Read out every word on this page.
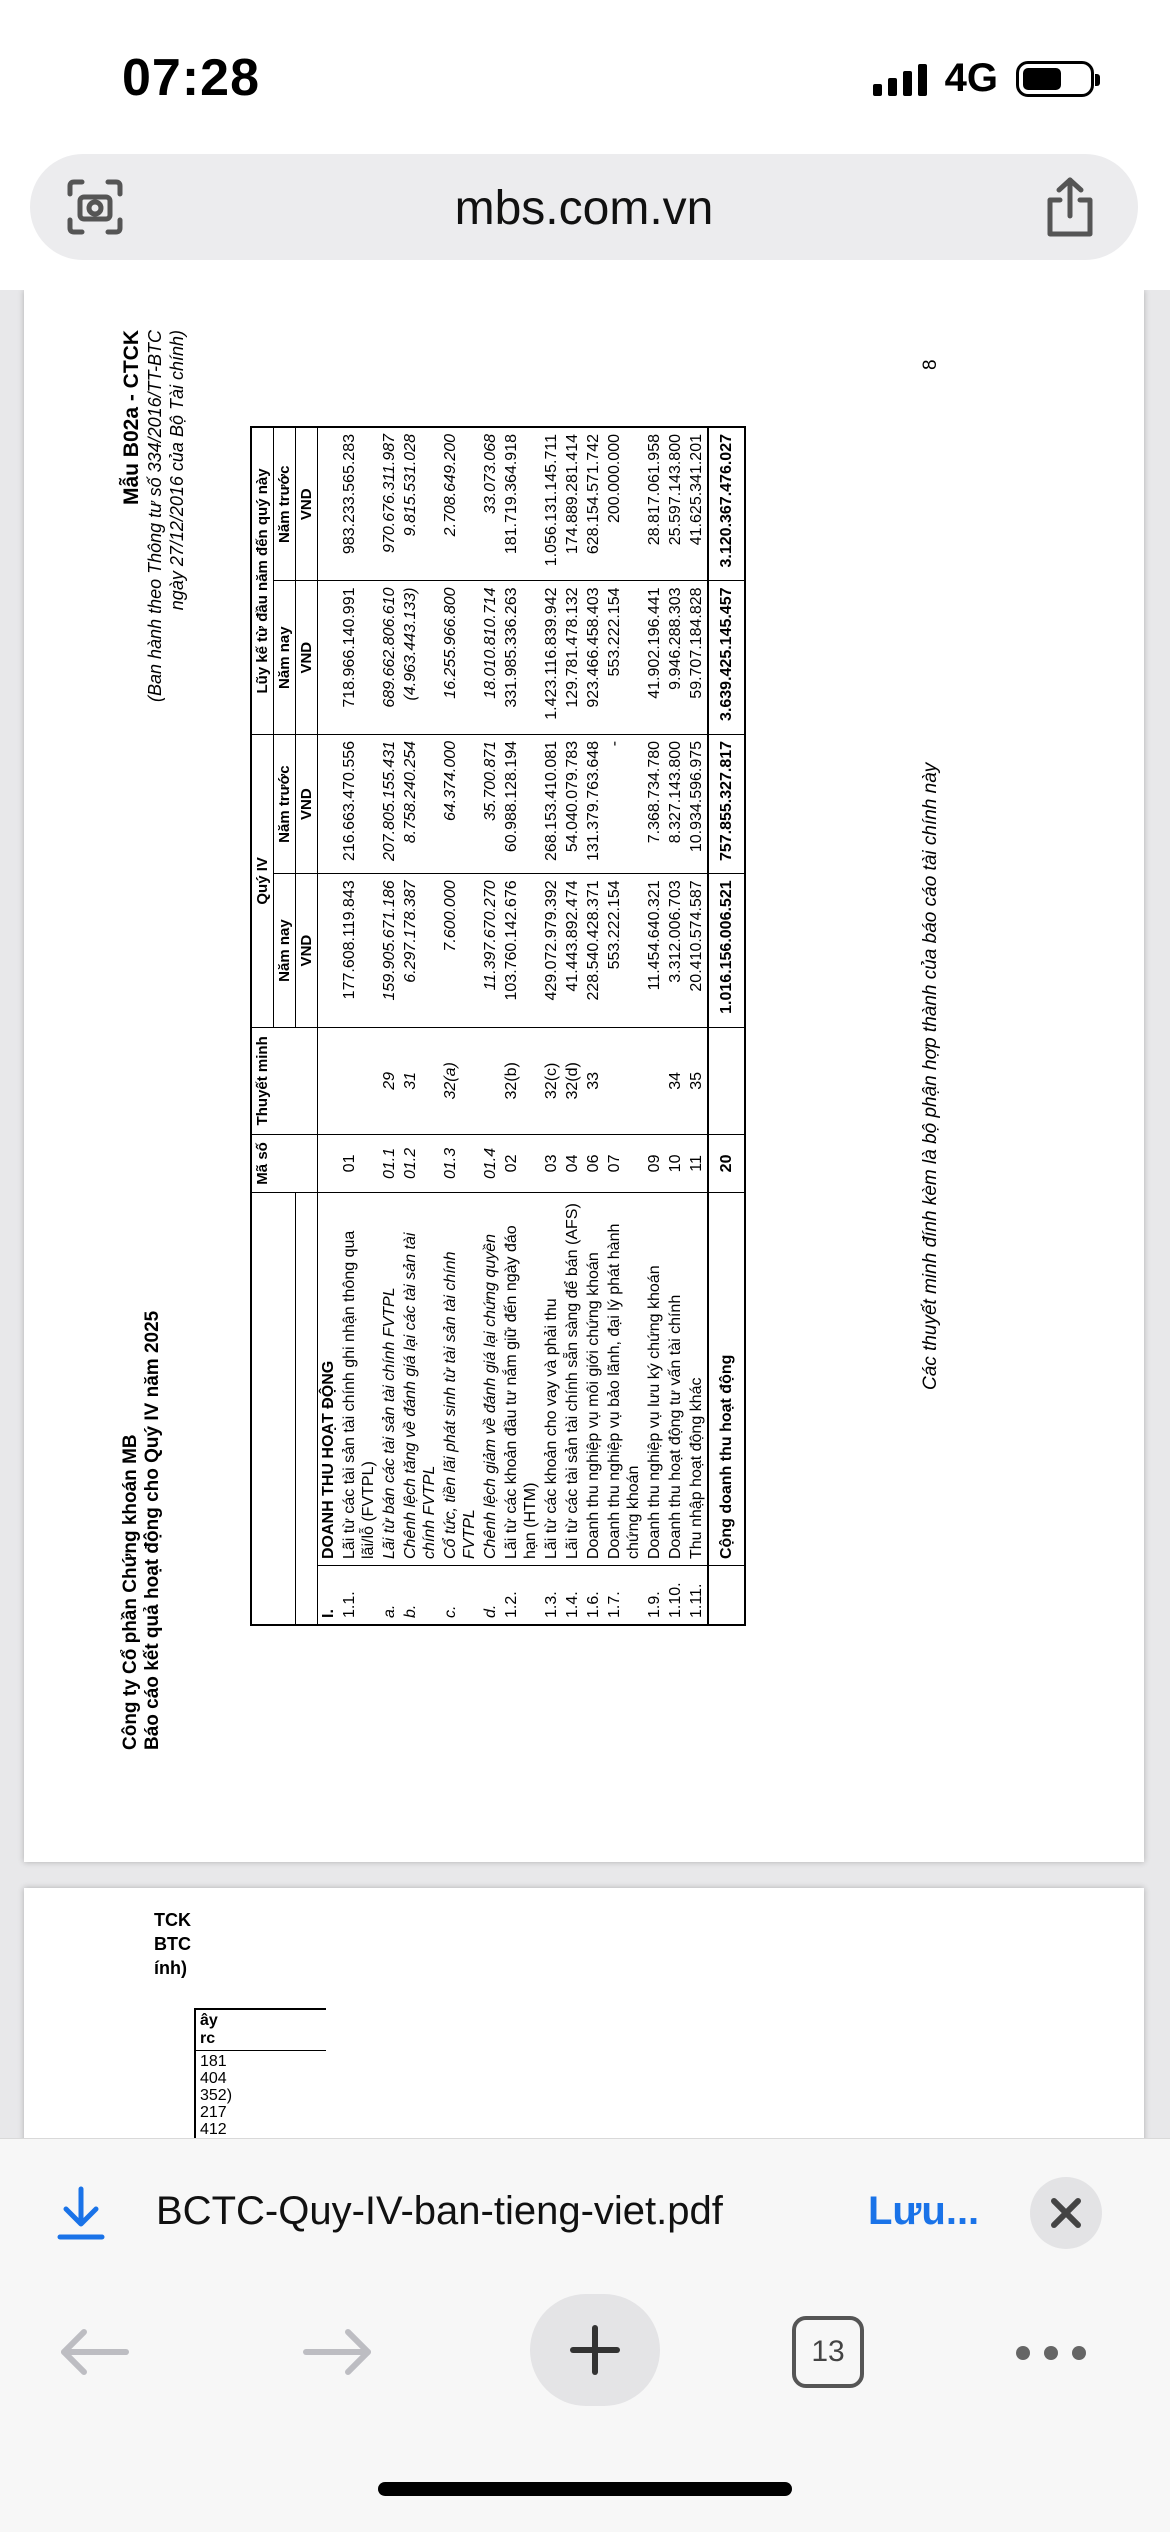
07:28	4G
mbs.com.vn
Công ty Cổ phần Chứng khoán MB Báo cáo kết quả hoạt động cho Quý IV năm 2025
Mẫu B02a - CTCK (Ban hành theo Thông tư số 334/2016/TT-BTC ngày 27/12/2016 của Bộ Tài chính)
		Mã số	Thuyết minh	Quý IV		Lũy kế từ đầu năm đến quý này	
				Năm nay	Năm trước	Năm nay	Năm trước
				VND	VND	VND	VND
I.	DOANH THU HOẠT ĐỘNG						
1.1.	Lãi từ các tài sản tài chính ghi nhận thông qua lãi/lỗ (FVTPL)	01		177.608.119.843	216.663.470.556	718.966.140.991	983.233.565.283
a.	Lãi từ bán các tài sản tài chính FVTPL	01.1	29	159.905.671.186	207.805.155.431	689.662.806.610	970.676.311.987
b.	Chênh lệch tăng về đánh giá lại các tài sản tài chính FVTPL	01.2	31	6.297.178.387	8.758.240.254	(4.963.443.133)	9.815.531.028
c.	Cổ tức, tiền lãi phát sinh từ tài sản tài chính FVTPL	01.3	32(a)	7.600.000	64.374.000	16.255.966.800	2.708.649.200
d.	Chênh lệch giảm về đánh giá lại chứng quyền	01.4		11.397.670.270	35.700.871	18.010.810.714	33.073.068
1.2.	Lãi từ các khoản đầu tư nắm giữ đến ngày đáo hạn (HTM)	02	32(b)	103.760.142.676	60.988.128.194	331.985.336.263	181.719.364.918
1.3.	Lãi từ các khoản cho vay và phải thu	03	32(c)	429.072.979.392	268.153.410.081	1.423.116.839.942	1.056.131.145.711
1.4.	Lãi từ các tài sản tài chính sẵn sàng để bán (AFS)	04	32(d)	41.443.892.474	54.040.079.783	129.781.478.132	174.889.281.414
1.6.	Doanh thu nghiệp vụ môi giới chứng khoán	06	33	228.540.428.371	131.379.763.648	923.466.458.403	628.154.571.742
1.7.	Doanh thu nghiệp vụ bảo lãnh, đại lý phát hành chứng khoán	07		553.222.154	-	553.222.154	200.000.000
1.9.	Doanh thu nghiệp vụ lưu ký chứng khoán	09		11.454.640.321	7.368.734.780	41.902.196.441	28.817.061.958
1.10.	Doanh thu hoạt động tư vấn tài chính	10	34	3.312.006.703	8.327.143.800	9.946.288.303	25.597.143.800
1.11.	Thu nhập hoạt động khác	11	35	20.410.574.587	10.934.596.975	59.707.184.828	41.625.341.201
	Cộng doanh thu hoạt động	20		1.016.156.006.521	757.855.327.817	3.639.425.145.457	3.120.367.476.027
Các thuyết minh đính kèm là bộ phận hợp thành của báo cáo tài chính này
8
TCK
BTC
ính)
ây
rc
181
404
352)
217
412
BCTC-Quy-IV-ban-tieng-viet.pdf	Lưu...
13
